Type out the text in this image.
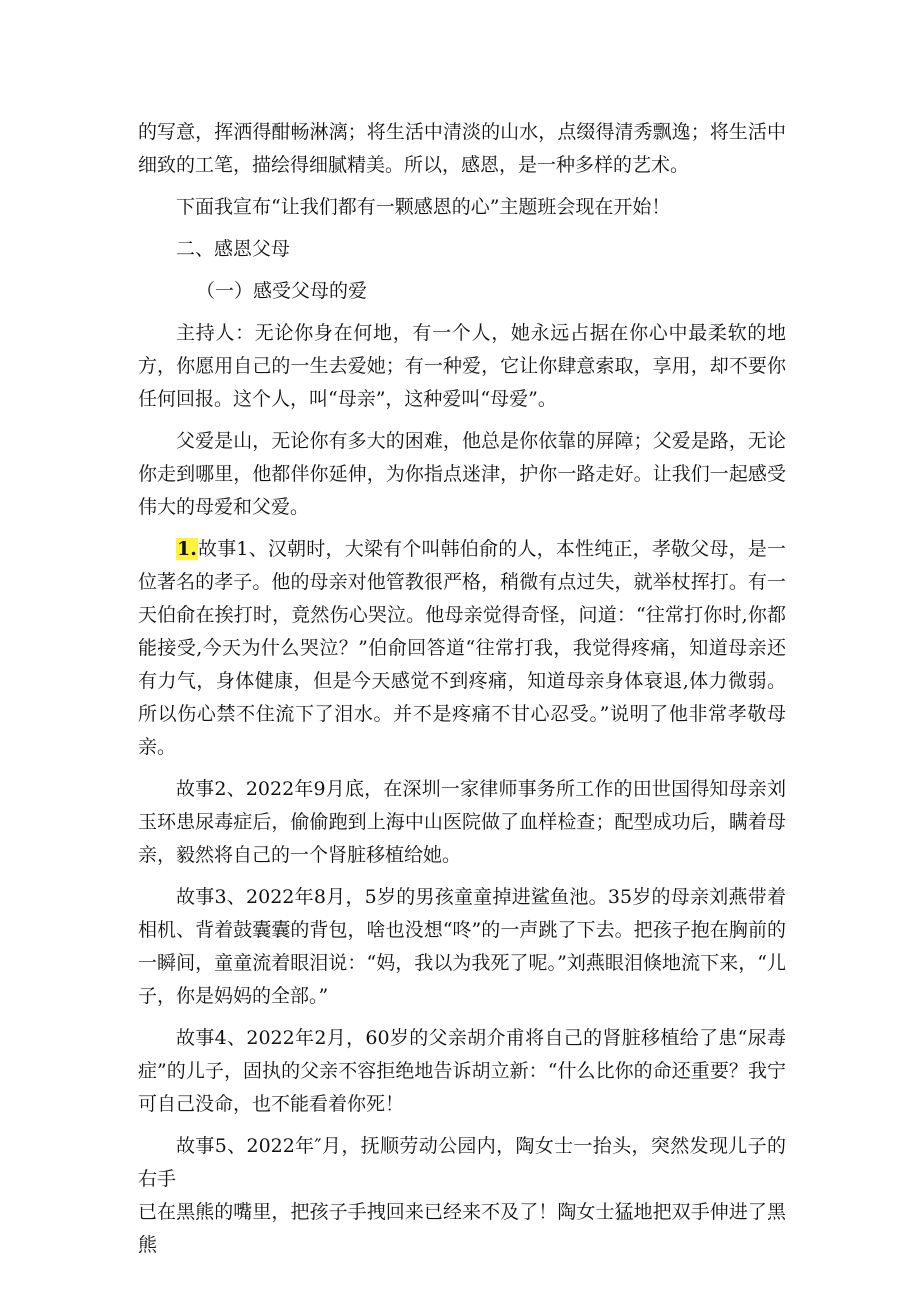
的写意，挥洒得酣畅淋漓；将生活中清淡的山水，点缀得清秀飘逸；将生活中细致的工笔，描绘得细腻精美。所以，感恩，是一种多样的艺术。

下面我宣布“让我们都有一颗感恩的心”主题班会现在开始！

二、感恩父母

（一）感受父母的爱

主持人：无论你身在何地，有一个人，她永远占据在你心中最柔软的地方，你愿用自己的一生去爱她；有一种爱，它让你肆意索取，享用，却不要你任何回报。这个人，叫“母亲”，这种爱叫“母爱”。

父爱是山，无论你有多大的困难，他总是你依靠的屏障；父爱是路，无论你走到哪里，他都伴你延伸，为你指点迷津，护你一路走好。让我们一起感受伟大的母爱和父爱。

1.故事1、汉朝时，大梁有个叫韩伯俞的人，本性纯正，孝敬父母，是一位著名的孝子。他的母亲对他管教很严格，稍微有点过失，就举杖挥打。有一天伯俞在挨打时，竟然伤心哭泣。他母亲觉得奇怪，问道：“往常打你时,你都能接受,今天为什么哭泣？”伯俞回答道“往常打我，我觉得疼痛，知道母亲还有力气，身体健康，但是今天感觉不到疼痛，知道母亲身体衰退,体力微弱。所以伤心禁不住流下了泪水。并不是疼痛不甘心忍受。”说明了他非常孝敬母亲。

故事2、2022年9月底，在深圳一家律师事务所工作的田世国得知母亲刘玉环患尿毒症后，偷偷跑到上海中山医院做了血样检查；配型成功后，瞒着母亲，毅然将自己的一个肾脏移植给她。

故事3、2022年8月，5岁的男孩童童掉进鲨鱼池。35岁的母亲刘燕带着相机、背着鼓囊囊的背包，啥也没想“咚”的一声跳了下去。把孩子抱在胸前的一瞬间，童童流着眼泪说：“妈，我以为我死了呢。”刘燕眼泪倏地流下来，“儿子，你是妈妈的全部。”

故事4、2022年2月，60岁的父亲胡介甫将自己的肾脏移植给了患“尿毒症”的儿子，固执的父亲不容拒绝地告诉胡立新：“什么比你的命还重要？我宁可自己没命，也不能看着你死！

故事5、2022年″月，抚顺劳动公园内，陶女士一抬头，突然发现儿子的右手

已在黑熊的嘴里，把孩子手拽回来已经来不及了！陶女士猛地把双手伸进了黑熊
